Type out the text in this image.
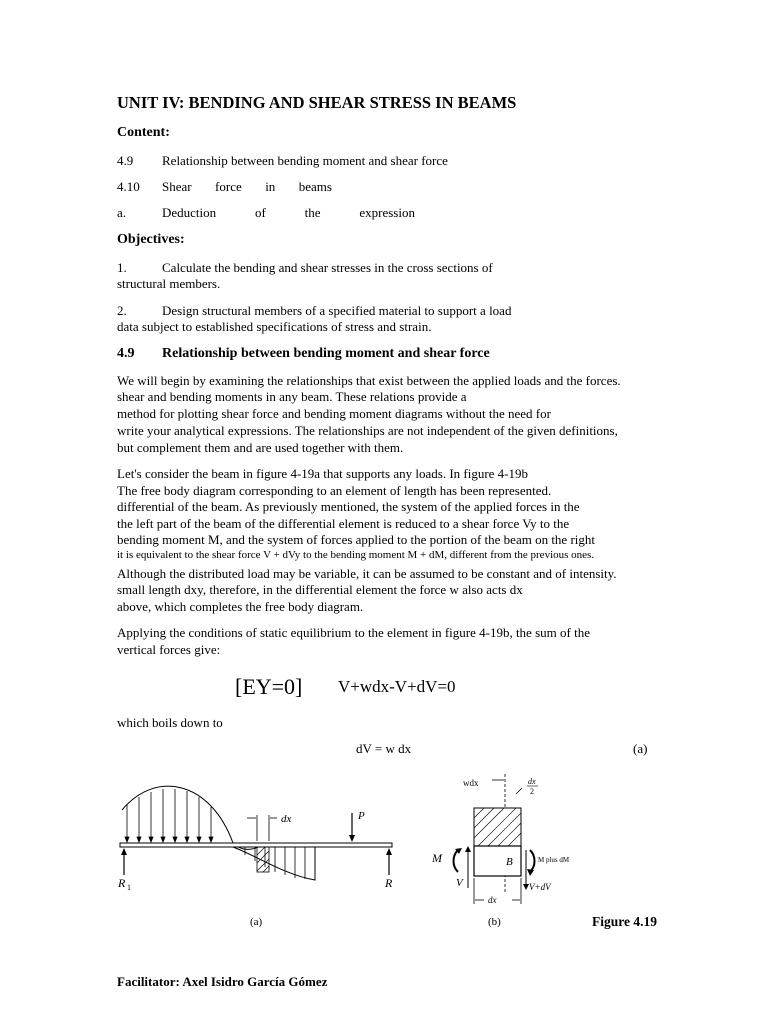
UNIT IV: BENDING AND SHEAR STRESS IN BEAMS
Content:
4.9 Relationship between bending moment and shear force
4.10	Shear force in beams
a.	Deduction	of	the	expression
Objectives:
1.	Calculate the bending and shear stresses in the cross sections of
structural members.
2.	Design structural members of a specified material to support a load
data subject to established specifications of stress and strain.
4.9 Relationship between bending moment and shear force
We will begin by examining the relationships that exist between the applied loads and the forces.
shear and bending moments in any beam. These relations provide a
method for plotting shear force and bending moment diagrams without the need for
write your analytical expressions. The relationships are not independent of the given definitions,
but complement them and are used together with them.
Let's consider the beam in figure 4-19a that supports any loads. In figure 4-19b
The free body diagram corresponding to an element of length has been represented.
differential of the beam. As previously mentioned, the system of the applied forces in the
the left part of the beam of the differential element is reduced to a shear force Vy to the
bending moment M, and the system of forces applied to the portion of the beam on the right
it is equivalent to the shear force V + dVy to the bending moment M + dM, different from the previous ones.
Although the distributed load may be variable, it can be assumed to be constant and of intensity.
small length dxy, therefore, in the differential element the force w also acts dx
above, which completes the free body diagram.
Applying the conditions of static equilibrium to the element in figure 4-19b, the sum of the
vertical forces give:
[EY=0] V+wdx-V+dV=0
which boils down to
dV = w dx	(a)
dx	P
R 1	R
wdx	dx
2
B
M	M plus dM
V	V+dV
dx
(a)	(b)	Figure 4.19
Facilitator: Axel Isidro García Gómez
